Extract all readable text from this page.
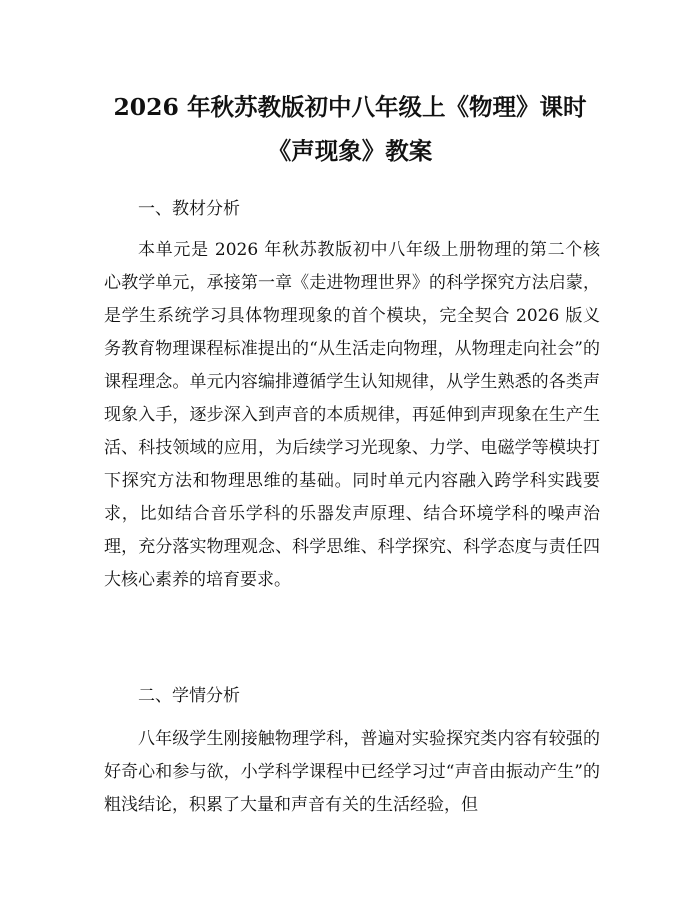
2026 年秋苏教版初中八年级上《物理》课时
《声现象》教案
一、教材分析

本单元是 2026 年秋苏教版初中八年级上册物理的第二个核心教学单元，承接第一章《走进物理世界》的科学探究方法启蒙，是学生系统学习具体物理现象的首个模块，完全契合 2026 版义务教育物理课程标准提出的“从生活走向物理，从物理走向社会”的课程理念。单元内容编排遵循学生认知规律，从学生熟悉的各类声现象入手，逐步深入到声音的本质规律，再延伸到声现象在生产生活、科技领域的应用，为后续学习光现象、力学、电磁学等模块打下探究方法和物理思维的基础。同时单元内容融入跨学科实践要求，比如结合音乐学科的乐器发声原理、结合环境学科的噪声治理，充分落实物理观念、科学思维、科学探究、科学态度与责任四大核心素养的培育要求。

二、学情分析

八年级学生刚接触物理学科，普遍对实验探究类内容有较强的好奇心和参与欲，小学科学课程中已经学习过“声音由振动产生”的粗浅结论，积累了大量和声音有关的生活经验，但
